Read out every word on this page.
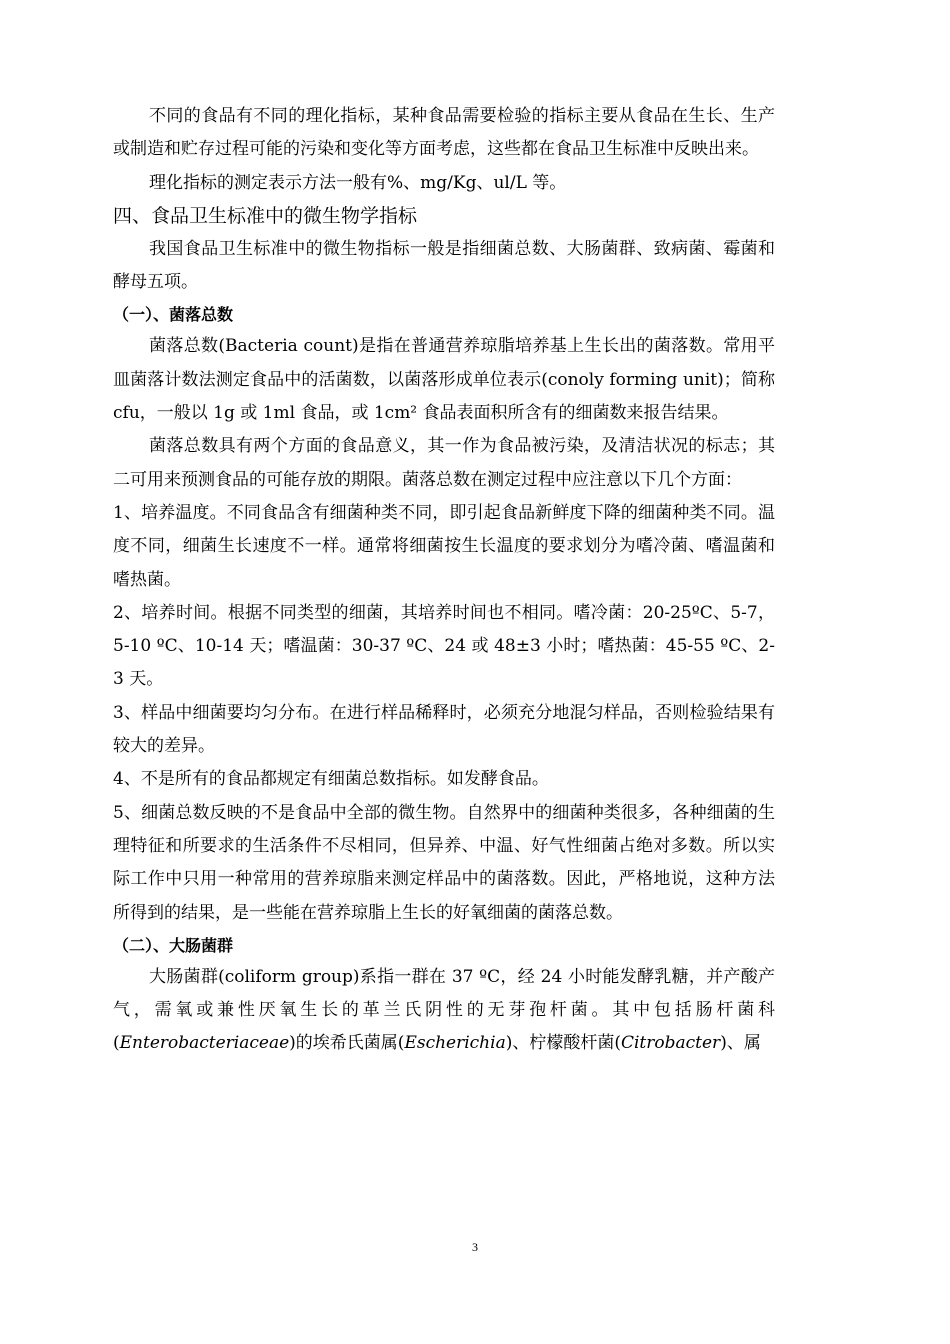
不同的食品有不同的理化指标，某种食品需要检验的指标主要从食品在生长、生产或制造和贮存过程可能的污染和变化等方面考虑，这些都在食品卫生标准中反映出来。

理化指标的测定表示方法一般有%、mg/Kg、ul/L 等。

四、食品卫生标准中的微生物学指标

我国食品卫生标准中的微生物指标一般是指细菌总数、大肠菌群、致病菌、霉菌和酵母五项。

（一）、菌落总数

菌落总数(Bacteria count)是指在普通营养琼脂培养基上生长出的菌落数。常用平皿菌落计数法测定食品中的活菌数，以菌落形成单位表示(conoly forming unit)；简称 cfu，一般以 1g 或 1ml 食品，或 1cm² 食品表面积所含有的细菌数来报告结果。

菌落总数具有两个方面的食品意义，其一作为食品被污染，及清洁状况的标志；其二可用来预测食品的可能存放的期限。菌落总数在测定过程中应注意以下几个方面：

1、培养温度。不同食品含有细菌种类不同，即引起食品新鲜度下降的细菌种类不同。温度不同，细菌生长速度不一样。通常将细菌按生长温度的要求划分为嗜冷菌、嗜温菌和嗜热菌。

2、培养时间。根据不同类型的细菌，其培养时间也不相同。嗜冷菌：20-25ºC、5-7，5-10 ºC、10-14 天；嗜温菌：30-37 ºC、24 或 48±3 小时；嗜热菌：45-55 ºC、2-3 天。

3、样品中细菌要均匀分布。在进行样品稀释时，必须充分地混匀样品，否则检验结果有较大的差异。

4、不是所有的食品都规定有细菌总数指标。如发酵食品。

5、细菌总数反映的不是食品中全部的微生物。自然界中的细菌种类很多，各种细菌的生理特征和所要求的生活条件不尽相同，但异养、中温、好气性细菌占绝对多数。所以实际工作中只用一种常用的营养琼脂来测定样品中的菌落数。因此，严格地说，这种方法所得到的结果，是一些能在营养琼脂上生长的好氧细菌的菌落总数。

（二）、大肠菌群

大肠菌群(coliform group)系指一群在 37 ºC，经 24 小时能发酵乳糖，并产酸产气，需氧或兼性厌氧生长的革兰氏阴性的无芽孢杆菌。其中包括肠杆菌科(Enterobacteriaceae)的埃希氏菌属(Escherichia)、柠檬酸杆菌(Citrobacter)、属

3
